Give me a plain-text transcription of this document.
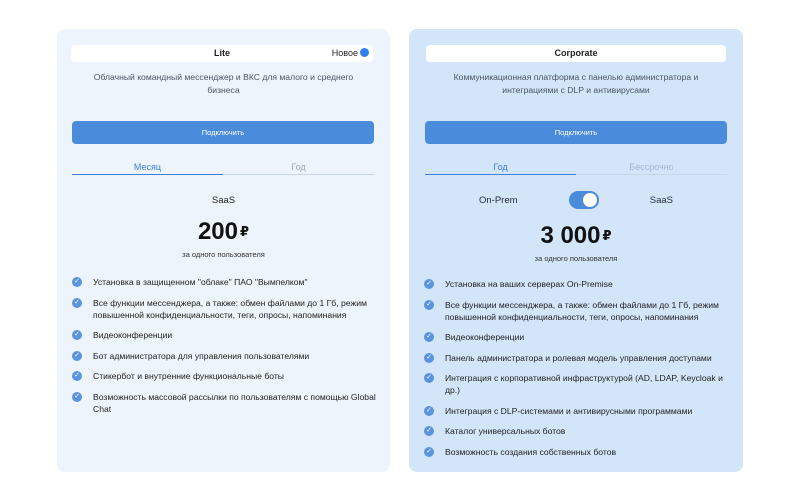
Lite	Новое
Облачный командный мессенджер и ВКС для малого и среднего бизнеса
Подключить
Месяц	Год
SaaS
200 ₽
за одного пользователя
✓ Установка в защищенном "облаке" ПАО "Вымпелком"
✓ Все функции мессенджера, а также: обмен файлами до 1 Гб, режим повышенной конфиденциальности, теги, опросы, напоминания
✓ Видеоконференции
✓ Бот администратора для управления пользователями
✓ Стикербот и внутренние функциональные боты
✓ Возможность массовой рассылки по пользователям с помощью Global Chat
Corporate
Коммуникационная платформа с панелью администратора и интеграциями с DLP и антивирусами
Подключить
Год	Бессрочно
On-Prem	SaaS
3 000 ₽
за одного пользователя
✓ Установка на ваших серверах On-Premise
✓ Все функции мессенджера, а также: обмен файлами до 1 Гб, режим повышенной конфиденциальности, теги, опросы, напоминания
✓ Видеоконференции
✓ Панель администратора и ролевая модель управления доступами
✓ Интеграция с корпоративной инфраструктурой (AD, LDAP, Keycloak и др.)
✓ Интеграция с DLP-системами и антивирусными программами
✓ Каталог универсальных ботов
✓ Возможность создания собственных ботов
